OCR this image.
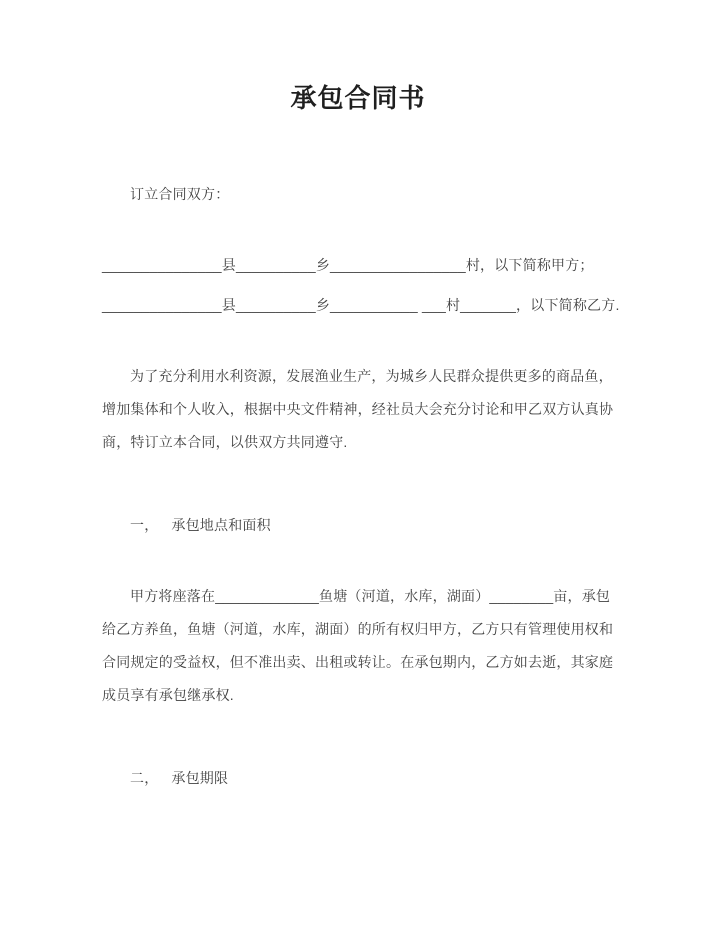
承包合同书

订立合同双方：

_______________县__________乡_________________村，以下简称甲方；

_______________县__________乡___________ ___村_______，以下简称乙方.

为了充分利用水利资源，发展渔业生产，为城乡人民群众提供更多的商品鱼，
增加集体和个人收入，根据中央文件精神，经社员大会充分讨论和甲乙双方认真协
商，特订立本合同，以供双方共同遵守.
一， 承包地点和面积
甲方将座落在_____________鱼塘（河道，水库，湖面）________亩，承包
给乙方养鱼，鱼塘（河道，水库，湖面）的所有权归甲方，乙方只有管理使用权和
合同规定的受益权，但不准出卖、出租或转让。在承包期内，乙方如去逝，其家庭
成员享有承包继承权.
二， 承包期限
